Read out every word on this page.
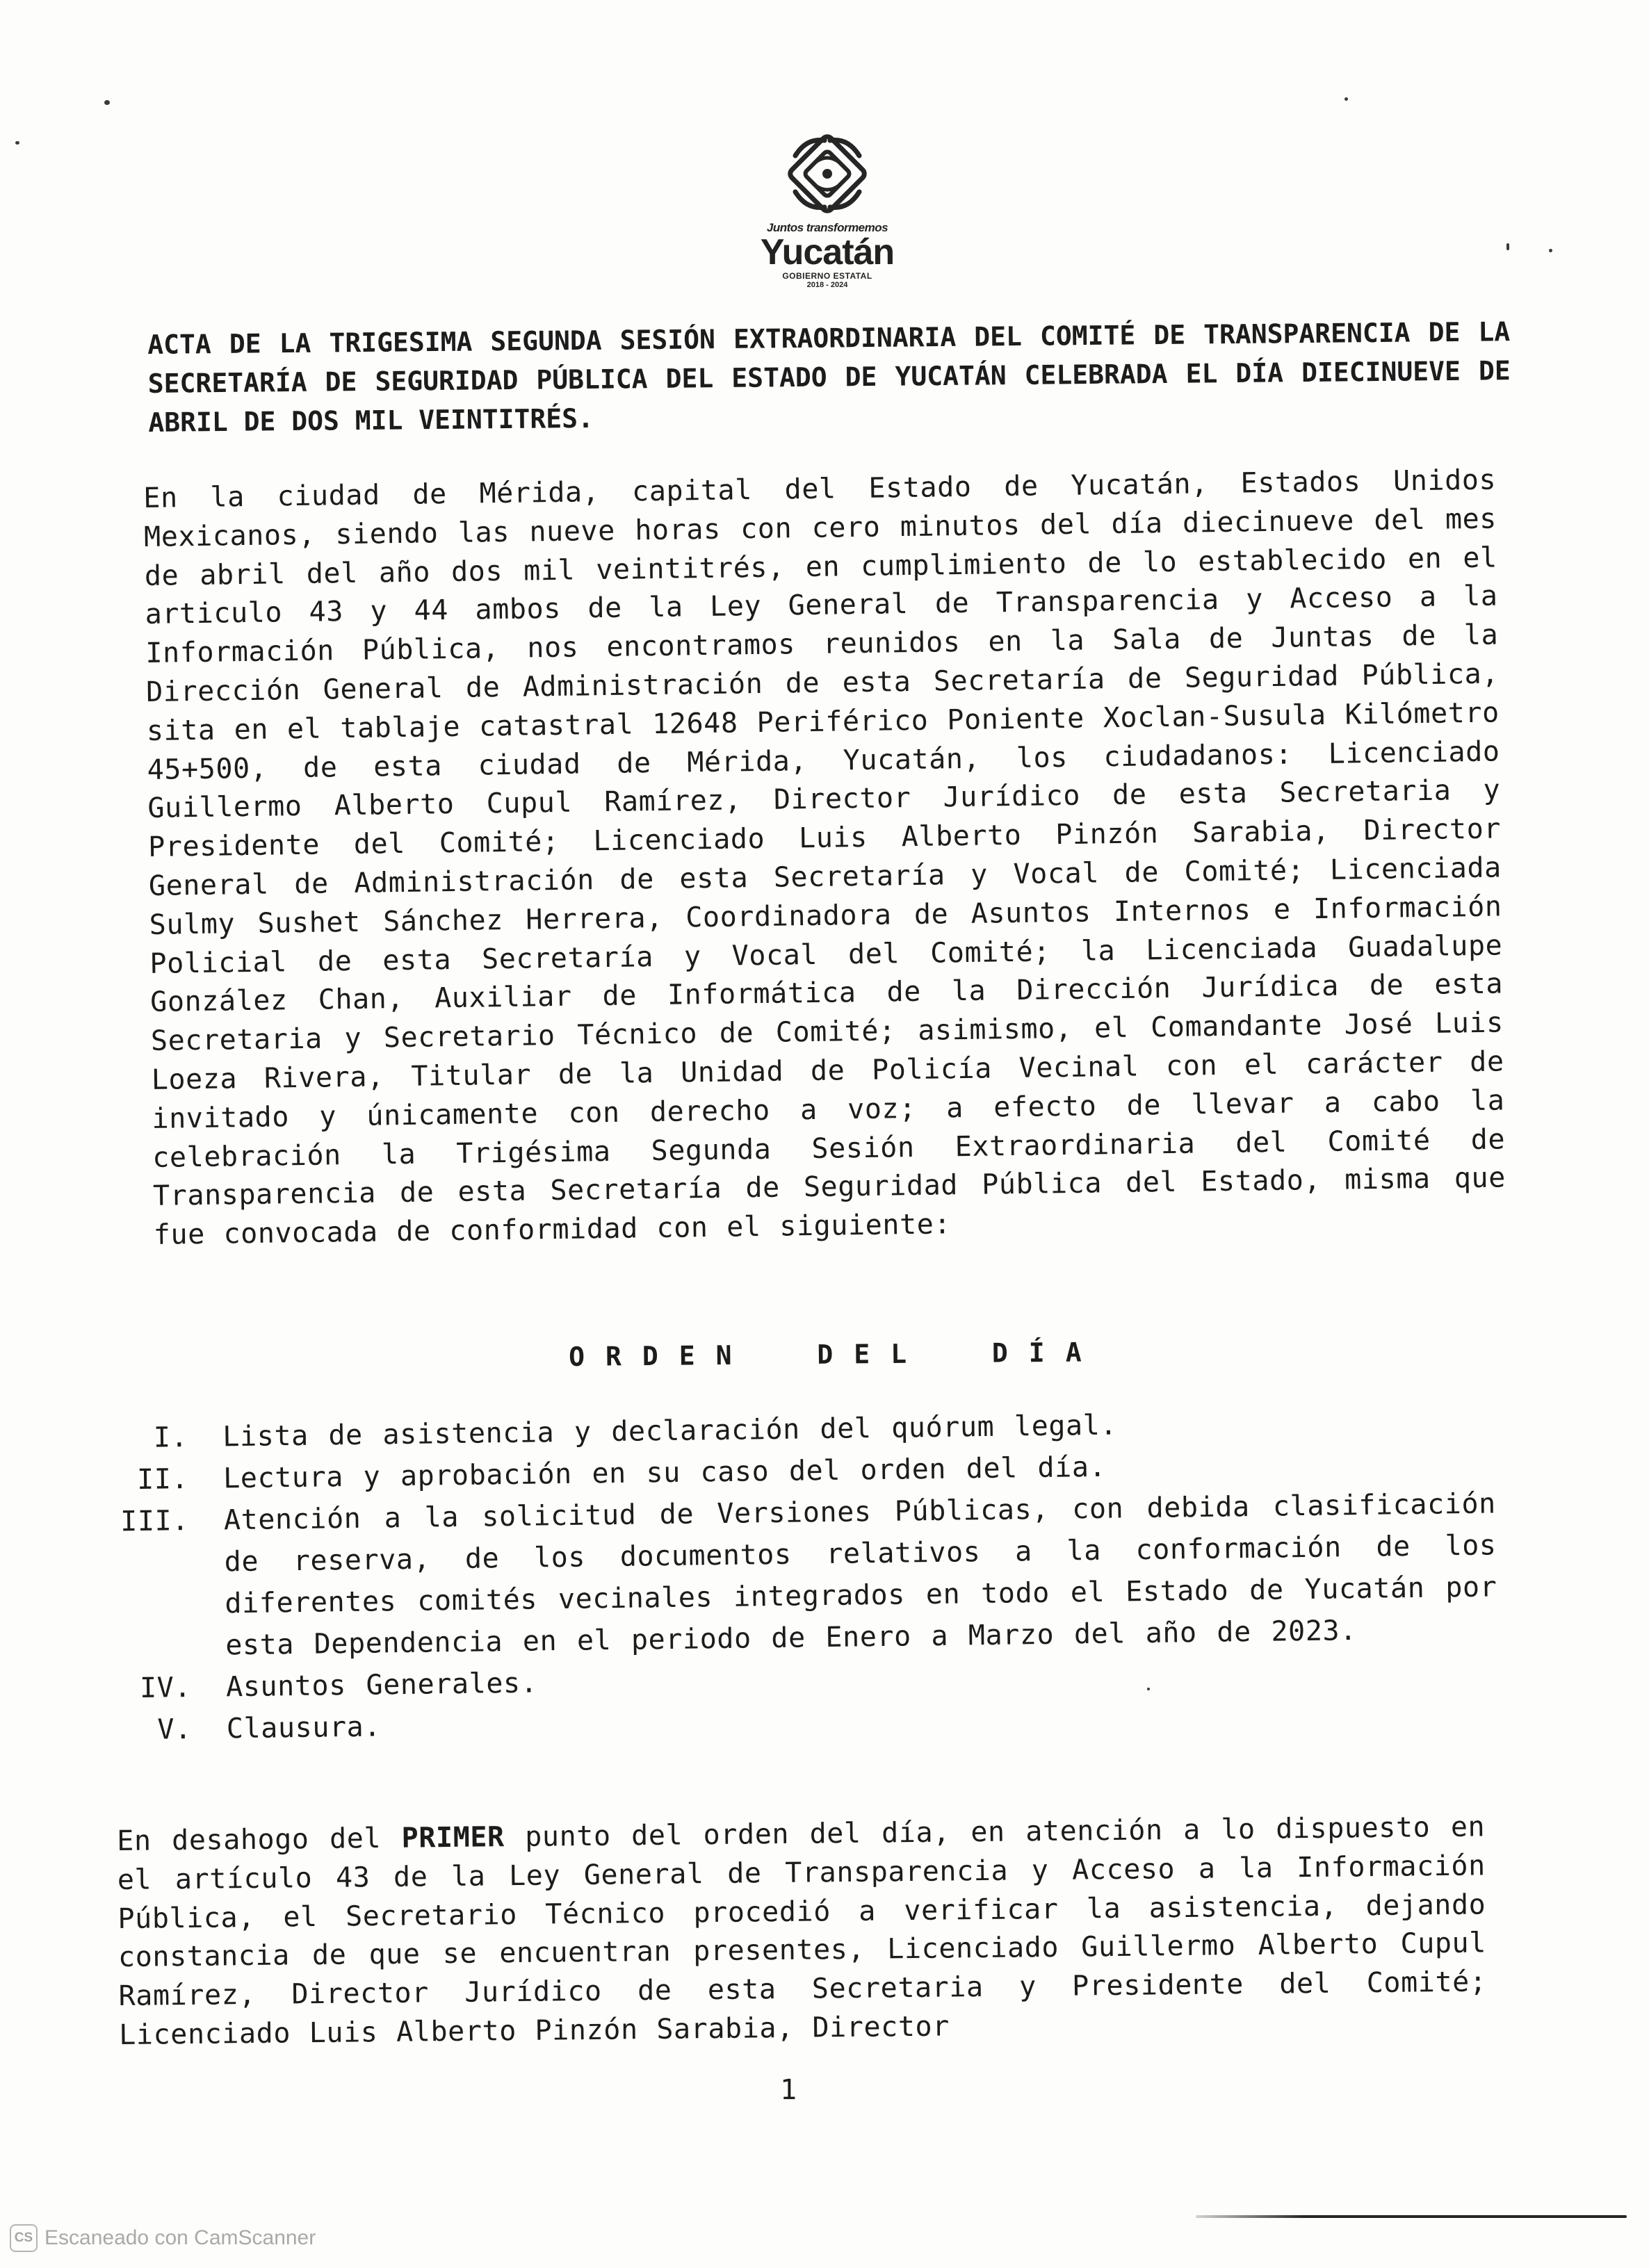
Juntos transformemos
Yucatán
GOBIERNO ESTATAL
2018 - 2024

ACTA DE LA TRIGESIMA SEGUNDA SESIÓN EXTRAORDINARIA DEL COMITÉ DE TRANSPARENCIA DE LA SECRETARÍA DE SEGURIDAD PÚBLICA DEL ESTADO DE YUCATÁN CELEBRADA EL DÍA DIECINUEVE DE ABRIL DE DOS MIL VEINTITRÉS.

En la ciudad de Mérida, capital del Estado de Yucatán, Estados Unidos Mexicanos, siendo las nueve horas con cero minutos del día diecinueve del mes de abril del año dos mil veintitrés, en cumplimiento de lo establecido en el articulo 43 y 44 ambos de la Ley General de Transparencia y Acceso a la Información Pública, nos encontramos reunidos en la Sala de Juntas de la Dirección General de Administración de esta Secretaría de Seguridad Pública, sita en el tablaje catastral 12648 Periférico Poniente Xoclan-Susula Kilómetro 45+500, de esta ciudad de Mérida, Yucatán, los ciudadanos: Licenciado Guillermo Alberto Cupul Ramírez, Director Jurídico de esta Secretaria y Presidente del Comité; Licenciado Luis Alberto Pinzón Sarabia, Director General de Administración de esta Secretaría y Vocal de Comité; Licenciada Sulmy Sushet Sánchez Herrera, Coordinadora de Asuntos Internos e Información Policial de esta Secretaría y Vocal del Comité; la Licenciada Guadalupe González Chan, Auxiliar de Informática de la Dirección Jurídica de esta Secretaria y Secretario Técnico de Comité; asimismo, el Comandante José Luis Loeza Rivera, Titular de la Unidad de Policía Vecinal con el carácter de invitado y únicamente con derecho a voz; a efecto de llevar a cabo la celebración la Trigésima Segunda Sesión Extraordinaria del Comité de Transparencia de esta Secretaría de Seguridad Pública del Estado, misma que fue convocada de conformidad con el siguiente:

ORDEN DEL DÍA

I. Lista de asistencia y declaración del quórum legal.
II. Lectura y aprobación en su caso del orden del día.
III. Atención a la solicitud de Versiones Públicas, con debida clasificación de reserva, de los documentos relativos a la conformación de los diferentes comités vecinales integrados en todo el Estado de Yucatán por esta Dependencia en el periodo de Enero a Marzo del año de 2023.
IV. Asuntos Generales.
V. Clausura.

En desahogo del PRIMER punto del orden del día, en atención a lo dispuesto en el artículo 43 de la Ley General de Transparencia y Acceso a la Información Pública, el Secretario Técnico procedió a verificar la asistencia, dejando constancia de que se encuentran presentes, Licenciado Guillermo Alberto Cupul Ramírez, Director Jurídico de esta Secretaria y Presidente del Comité; Licenciado Luis Alberto Pinzón Sarabia, Director

1

CS Escaneado con CamScanner
